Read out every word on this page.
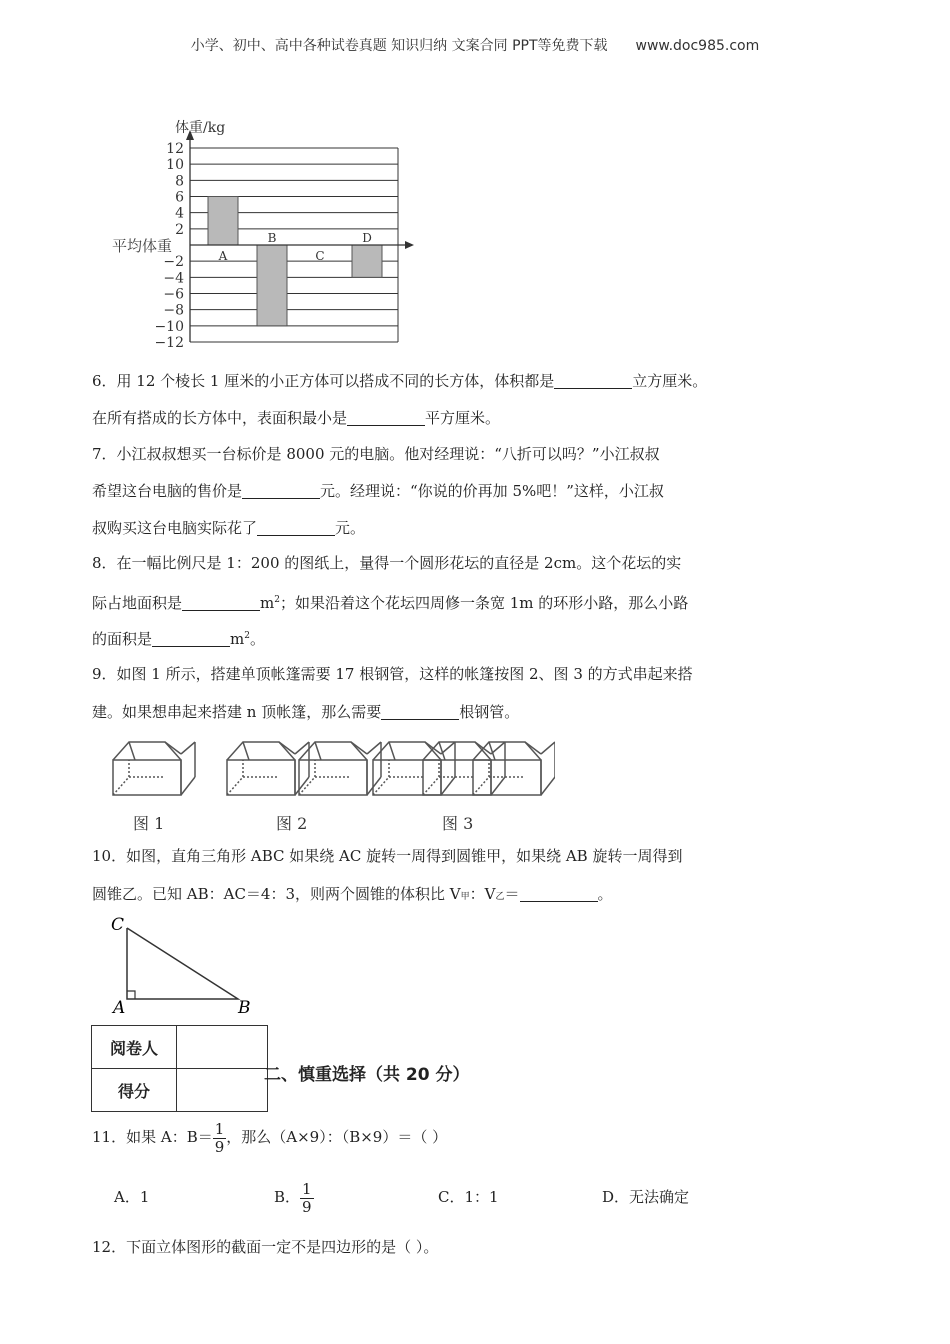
小学、初中、高中各种试卷真题 知识归纳 文案合同 PPT等免费下载 www.doc985.com
A
B
C
D
12
10
8
6
4
2
−2
−4
−6
−8
−10
−12
体重/kg
平均体重
6．用 12 个棱长 1 厘米的小正方体可以搭成不同的长方体，体积都是	立方厘米。
在所有搭成的长方体中，表面积最小是	平方厘米。
7．小江叔叔想买一台标价是 8000 元的电脑。他对经理说：“八折可以吗？”小江叔叔
希望这台电脑的售价是	元。经理说：“你说的价再加 5%吧！”这样，小江叔
叔购买这台电脑实际花了	元。
8．在一幅比例尺是 1：200 的图纸上，量得一个圆形花坛的直径是 2cm。这个花坛的实
际占地面积是	$m^2$；如果沿着这个花坛四周修一条宽 1m 的环形小路，那么小路
的面积是	$m^2$。
9．如图 1 所示，搭建单顶帐篷需要 17 根钢管，这样的帐篷按图 2、图 3 的方式串起来搭
建。如果想串起来搭建 n 顶帐篷，那么需要	根钢管。
图 1	图 2	图 3
10．如图，直角三角形 ABC 如果绕 AC 旋转一周得到圆锥甲，如果绕 AB 旋转一周得到
圆锥乙。已知 AB：AC＝4：3，则两个圆锥的体积比 V甲：V乙＝	。
C
A	B
阅卷人	
得分	
二、慎重选择（共 20 分）
11．如果 A：$B= \frac{1}{9}$ ，那么（A×9）：（B×9）＝（ ）
A．1	B． $\frac{1}{9}$	C．1：1	D．无法确定
12．下面立体图形的截面一定不是四边形的是（ ）。
